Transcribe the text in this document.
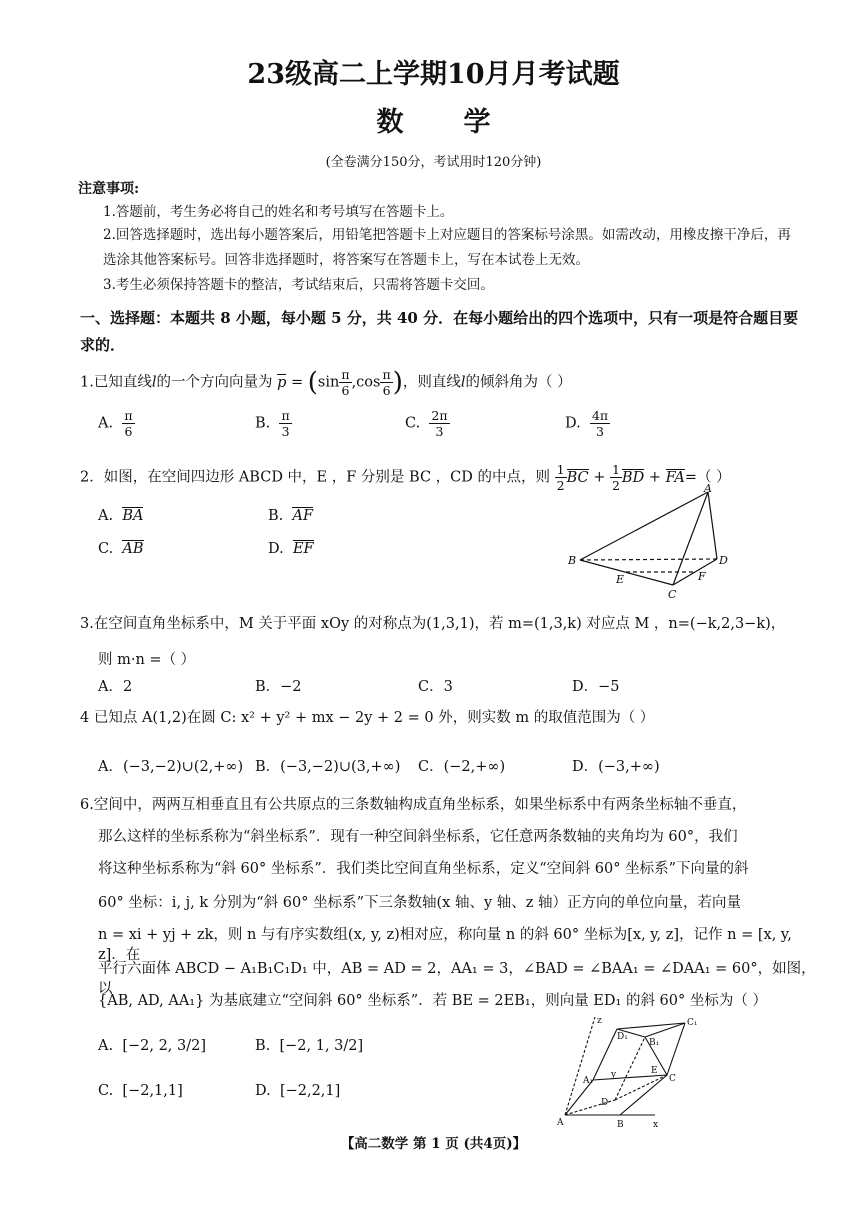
23级高二上学期10月月考试题
数学
(全卷满分150分，考试用时120分钟)
注意事项:
1.答题前，考生务必将自己的姓名和考号填写在答题卡上。
2.回答选择题时，选出每小题答案后，用铅笔把答题卡上对应题目的答案标号涂黑。如需改动，用橡皮擦干净后，再选涂其他答案标号。回答非选择题时，将答案写在答题卡上，写在本试卷上无效。
3.考生必须保持答题卡的整洁，考试结束后，只需将答题卡交回。
一、选择题：本题共 8 小题，每小题 5 分，共 40 分．在每小题给出的四个选项中，只有一项是符合题目要求的．
1.已知直线l的一个方向向量为 $p = (\sin \frac{\pi}{6} ,\cos \frac{\pi}{6}$ )，则直线l的倾斜角为（ ）
A. $\frac{\pi}{6}$	B. $\frac{\pi}{3}$	C. $\frac{2\pi}{3}$	D. $\frac{4\pi}{3}$
2．如图，在空间四边形 ABCD 中，E ，F 分别是 BC ，CD 的中点，则 $\frac{1}{2}$ BC + $\frac{1}{2}$ BD + FA=（ ）
A. BA	B. AF
C. AB	D. EF
A
B
C
D
E	F
3.在空间直角坐标系中，M 关于平面 xOy 的对称点为(1,3,1)，若 m=(1,3,k) 对应点 M ，n=(−k,2,3−k)，
则 m·n =（ ）
A．2	B．−2	C．3	D．−5
4 已知点 A(1,2)在圆 C: x² + y² + mx − 2y + 2 = 0 外，则实数 m 的取值范围为（ ）
A．(−3,−2)∪(2,+∞) B．(−3,−2)∪(3,+∞) C．(−2,+∞)	D．(−3,+∞)
6.空间中，两两互相垂直且有公共原点的三条数轴构成直角坐标系，如果坐标系中有两条坐标轴不垂直，
那么这样的坐标系称为“斜坐标系”．现有一种空间斜坐标系，它任意两条数轴的夹角均为 60°，我们
将这种坐标系称为“斜 60° 坐标系”．我们类比空间直角坐标系，定义“空间斜 60° 坐标系”下向量的斜
60° 坐标：i, j, k 分别为“斜 60° 坐标系”下三条数轴(x 轴、y 轴、z 轴）正方向的单位向量，若向量
n = xi + yj + zk，则 n 与有序实数组(x, y, z)相对应，称向量 n 的斜 60° 坐标为[x, y, z]，记作 n = [x, y, z]．在
平行六面体 ABCD − A₁B₁C₁D₁ 中，AB = AD = 2，AA₁ = 3，∠BAD = ∠BAA₁ = ∠DAA₁ = 60°，如图，以
{AB, AD, AA₁} 为基底建立“空间斜 60° 坐标系”．若 BE = 2EB₁，则向量 ED₁ 的斜 60° 坐标为（ ）
A. [−2, 2, 3/2]	B. [−2, 1, 3/2]
C. [−2,1,1]	D. [−2,2,1]
z
A₁
D₁
B₁
C₁
A	B
C
D
E
x
y
【高二数学 第 1 页 (共4页)】
